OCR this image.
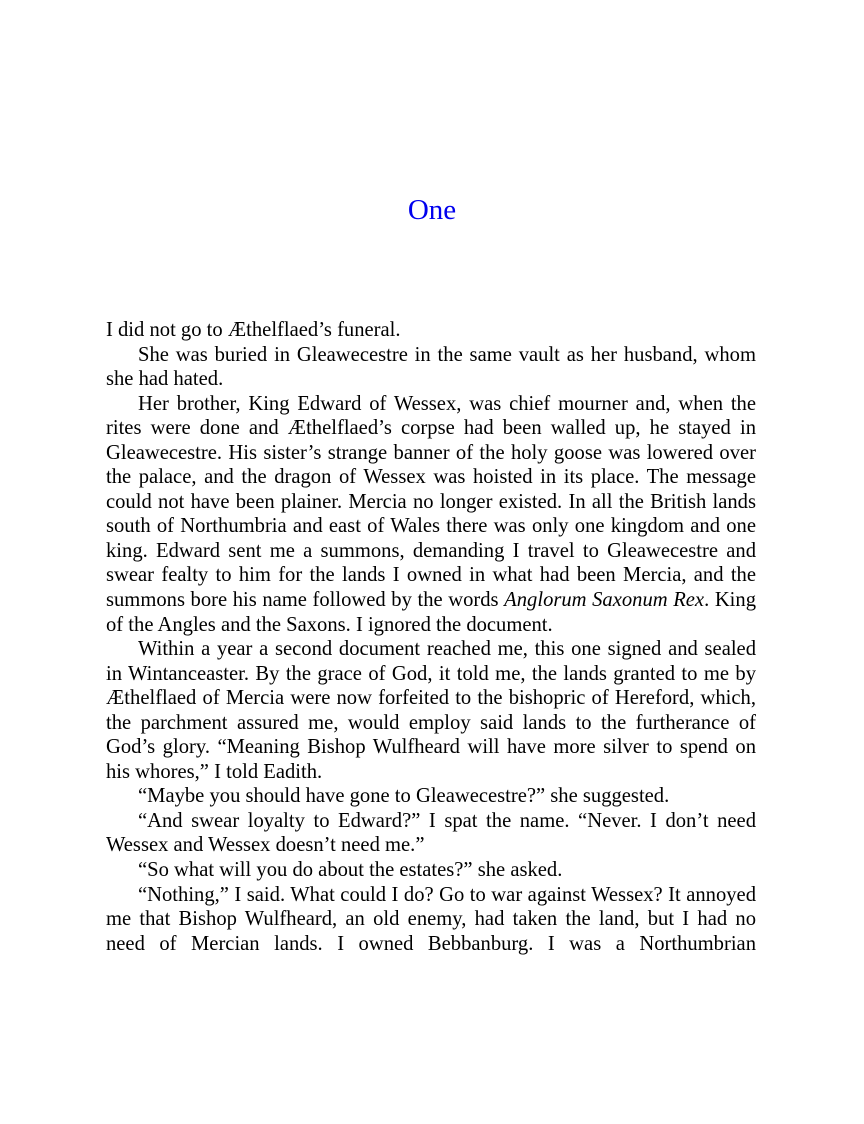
One

I did not go to Æthelflaed’s funeral.

She was buried in Gleawecestre in the same vault as her husband, whom she had hated.

Her brother, King Edward of Wessex, was chief mourner and, when the rites were done and Æthelflaed’s corpse had been walled up, he stayed in Gleawecestre. His sister’s strange banner of the holy goose was lowered over the palace, and the dragon of Wessex was hoisted in its place. The message could not have been plainer. Mercia no longer existed. In all the British lands south of Northumbria and east of Wales there was only one kingdom and one king. Edward sent me a summons, demanding I travel to Gleawecestre and swear fealty to him for the lands I owned in what had been Mercia, and the summons bore his name followed by the words Anglorum Saxonum Rex. King of the Angles and the Saxons. I ignored the document.

Within a year a second document reached me, this one signed and sealed in Wintanceaster. By the grace of God, it told me, the lands granted to me by Æthelflaed of Mercia were now forfeited to the bishopric of Hereford, which, the parchment assured me, would employ said lands to the furtherance of God’s glory. “Meaning Bishop Wulfheard will have more silver to spend on his whores,” I told Eadith.

“Maybe you should have gone to Gleawecestre?” she suggested.

“And swear loyalty to Edward?” I spat the name. “Never. I don’t need Wessex and Wessex doesn’t need me.”

“So what will you do about the estates?” she asked.

“Nothing,” I said. What could I do? Go to war against Wessex? It annoyed me that Bishop Wulfheard, an old enemy, had taken the land, but I had no need of Mercian lands. I owned Bebbanburg. I was a Northumbrian
